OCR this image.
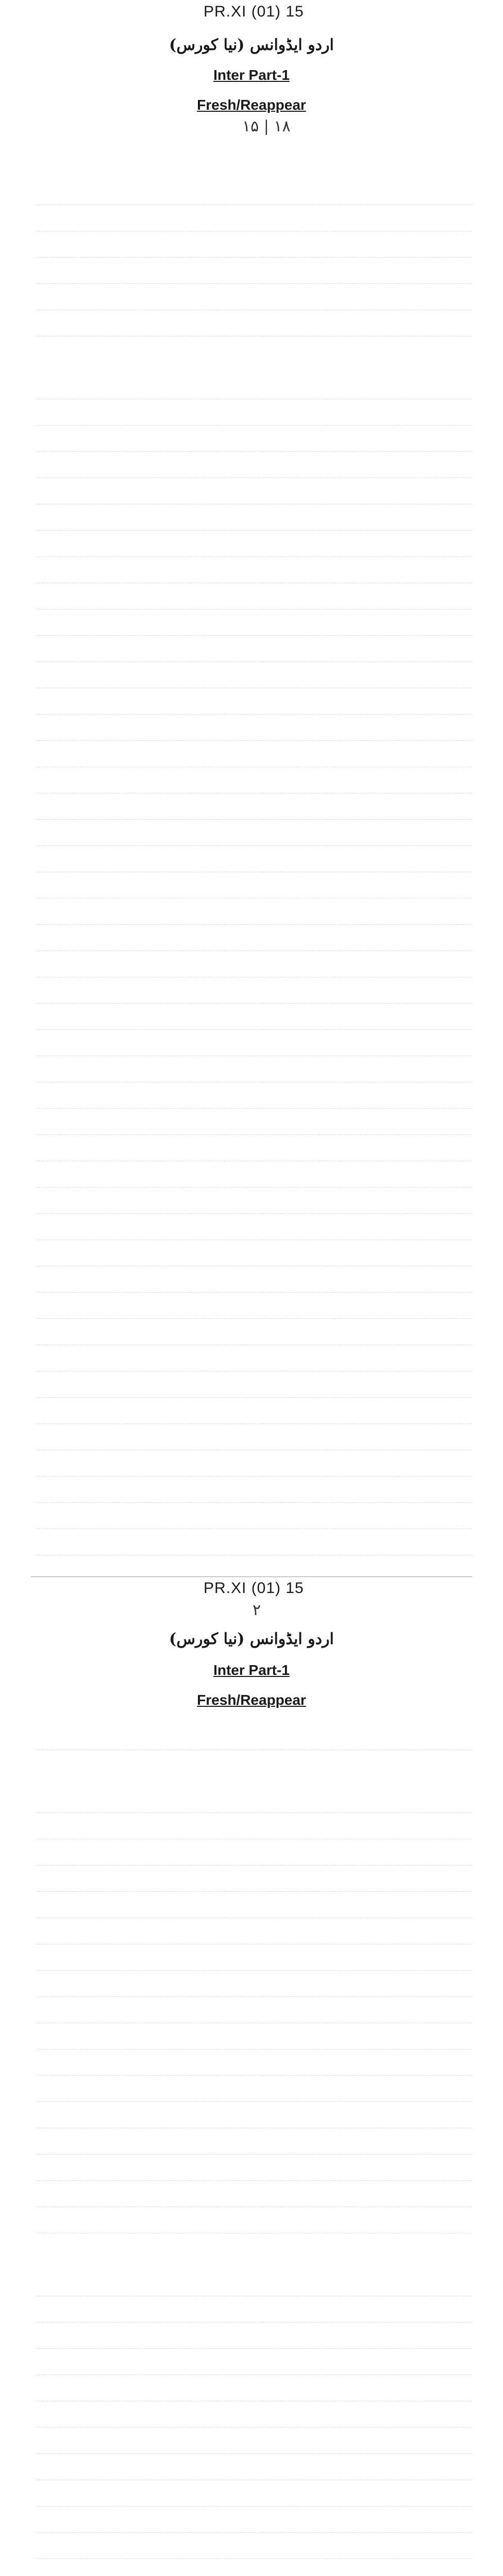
PR.XI (01) 15
اردو ایڈوانس (نیا کورس)
Inter Part-1
Fresh/Reappear
۱۵ | ۱۸
PR.XI (01) 15
اردو ایڈوانس (نیا کورس)
Inter Part-1
Fresh/Reappear
۲
